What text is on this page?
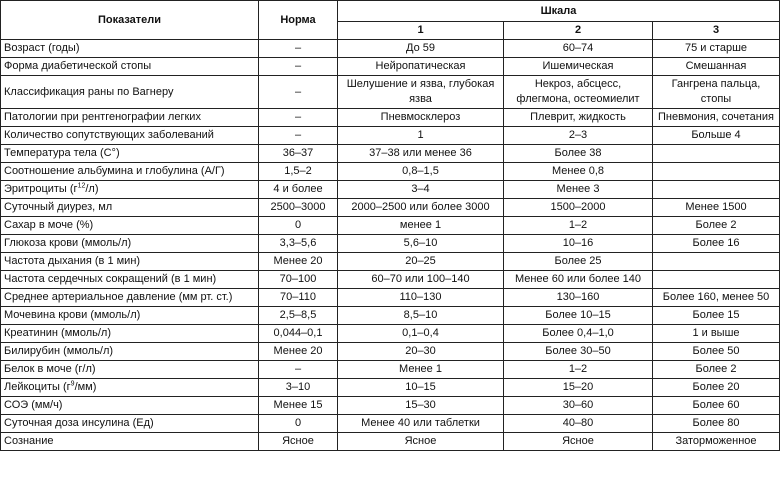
Показатели	Норма	Шкала		
		1	2	3
Возраст (годы)	–	До 59	60–74	75 и старше
Форма диабетической стопы	–	Нейропатическая	Ишемическая	Смешанная
Классификация раны по Вагнеру	–	Шелушение и язва, глубокая язва	Некроз, абсцесс, флегмона, остеомиелит	Гангрена пальца, стопы
Патологии при рентгенографии легких	–	Пневмосклероз	Плеврит, жидкость	Пневмония, сочетания
Количество сопутствующих заболеваний	–	1	2–3	Больше 4
Температура тела (С°)	36–37	37–38 или менее 36	Более 38	
Соотношение альбумина и глобулина (А/Г)	1,5–2	0,8–1,5	Менее 0,8	
Эритроциты $(г^{12}/л)$	4 и более	3–4	Менее 3	
Суточный диурез, мл	2500–3000	2000–2500 или более 3000	1500–2000	Менее 1500
Сахар в моче (%)	0	менее 1	1–2	Более 2
Глюкоза крови (ммоль/л)	3,3–5,6	5,6–10	10–16	Более 16
Частота дыхания (в 1 мин)	Менее 20	20–25	Более 25	
Частота сердечных сокращений (в 1 мин)	70–100	60–70 или 100–140	Менее 60 или более 140	
Среднее артериальное давление (мм рт. ст.)	70–110	110–130	130–160	Более 160, менее 50
Мочевина крови (ммоль/л)	2,5–8,5	8,5–10	Более 10–15	Более 15
Креатинин (ммоль/л)	0,044–0,1	0,1–0,4	Более 0,4–1,0	1 и выше
Билирубин (ммоль/л)	Менее 20	20–30	Более 30–50	Более 50
Белок в моче (г/л)	–	Менее 1	1–2	Более 2
Лейкоциты $(г^9/мм)$	3–10	10–15	15–20	Более 20
СОЭ (мм/ч)	Менее 15	15–30	30–60	Более 60
Суточная доза инсулина (Ед)	0	Менее 40 или таблетки	40–80	Более 80
Сознание	Ясное	Ясное	Ясное	Заторможенное
